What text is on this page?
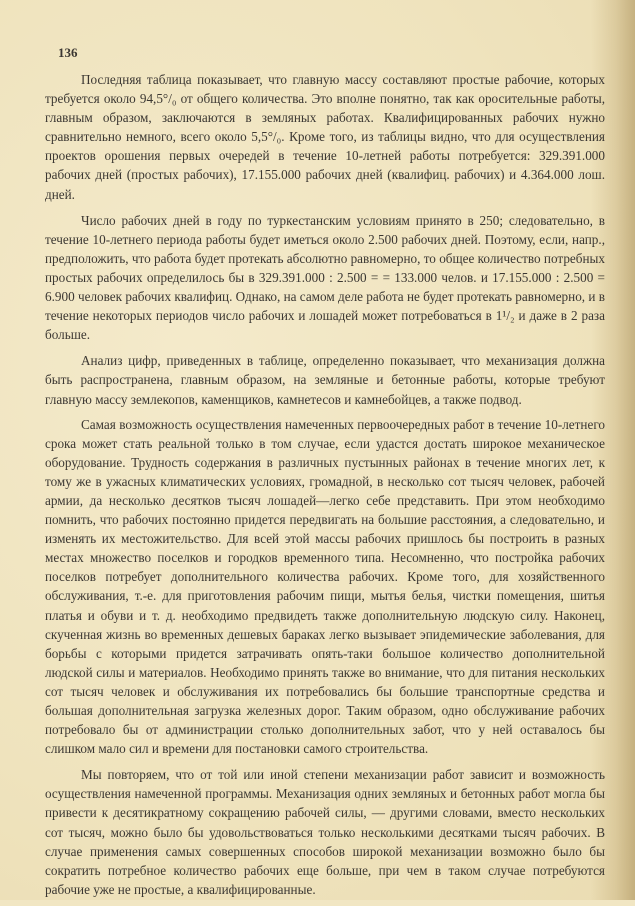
136

Последняя таблица показывает, что главную массу составляют простые рабочие, которых требуется около 94,5°/₀ от общего количества. Это вполне понятно, так как оросительные работы, главным образом, заключаются в земляных работах. Квалифицированных рабочих нужно сравнительно немного, всего около 5,5°/₀. Кроме того, из таблицы видно, что для осуществления проектов орошения первых очередей в течение 10-летней работы потребуется: 329.391.000 рабочих дней (простых рабочих), 17.155.000 рабочих дней (квалифиц. рабочих) и 4.364.000 лош. дней.

Число рабочих дней в году по туркестанским условиям принято в 250; следовательно, в течение 10-летнего периода работы будет иметься около 2.500 рабочих дней. Поэтому, если, напр., предположить, что работа будет протекать абсолютно равномерно, то общее количество потребных простых рабочих определилось бы в 329.391.000 : 2.500 = = 133.000 челов. и 17.155.000 : 2.500 = 6.900 человек рабочих квалифиц. Однако, на самом деле работа не будет протекать равномерно, и в течение некоторых периодов число рабочих и лошадей может потребоваться в 1¹/₂ и даже в 2 раза больше.

Анализ цифр, приведенных в таблице, определенно показывает, что механизация должна быть распространена, главным образом, на земляные и бетонные работы, которые требуют главную массу землекопов, каменщиков, камнетесов и камнебойцев, а также подвод.

Самая возможность осуществления намеченных первоочередных работ в течение 10-летнего срока может стать реальной только в том случае, если удастся достать широкое механическое оборудование. Трудность содержания в различных пустынных районах в течение многих лет, к тому же в ужасных климатических условиях, громадной, в несколько сот тысяч человек, рабочей армии, да несколько десятков тысяч лошадей—легко себе представить. При этом необходимо помнить, что рабочих постоянно придется передвигать на большие расстояния, а следовательно, и изменять их местожительство. Для всей этой массы рабочих пришлось бы построить в разных местах множество поселков и городков временного типа. Несомненно, что постройка рабочих поселков потребует дополнительного количества рабочих. Кроме того, для хозяйственного обслуживания, т.-е. для приготовления рабочим пищи, мытья белья, чистки помещения, шитья платья и обуви и т. д. необходимо предвидеть также дополнительную людскую силу. Наконец, скученная жизнь во временных дешевых бараках легко вызывает эпидемические заболевания, для борьбы с которыми придется затрачивать опять-таки большое количество дополнительной людской силы и материалов. Необходимо принять также во внимание, что для питания нескольких сот тысяч человек и обслуживания их потребовались бы большие транспортные средства и большая дополнительная загрузка железных дорог. Таким образом, одно обслуживание рабочих потребовало бы от администрации столько дополнительных забот, что у ней оставалось бы слишком мало сил и времени для постановки самого строительства.

Мы повторяем, что от той или иной степени механизации работ зависит и возможность осуществления намеченной программы. Механизация одних земляных и бетонных работ могла бы привести к десятикратному сокращению рабочей силы, — другими словами, вместо нескольких сот тысяч, можно было бы удовольствоваться только несколькими десятками тысяч рабочих. В случае применения самых совершенных способов широкой механизации возможно было бы сократить потребное количество рабочих еще больше, при чем в таком случае потребуются рабочие уже не простые, а квалифицированные.
